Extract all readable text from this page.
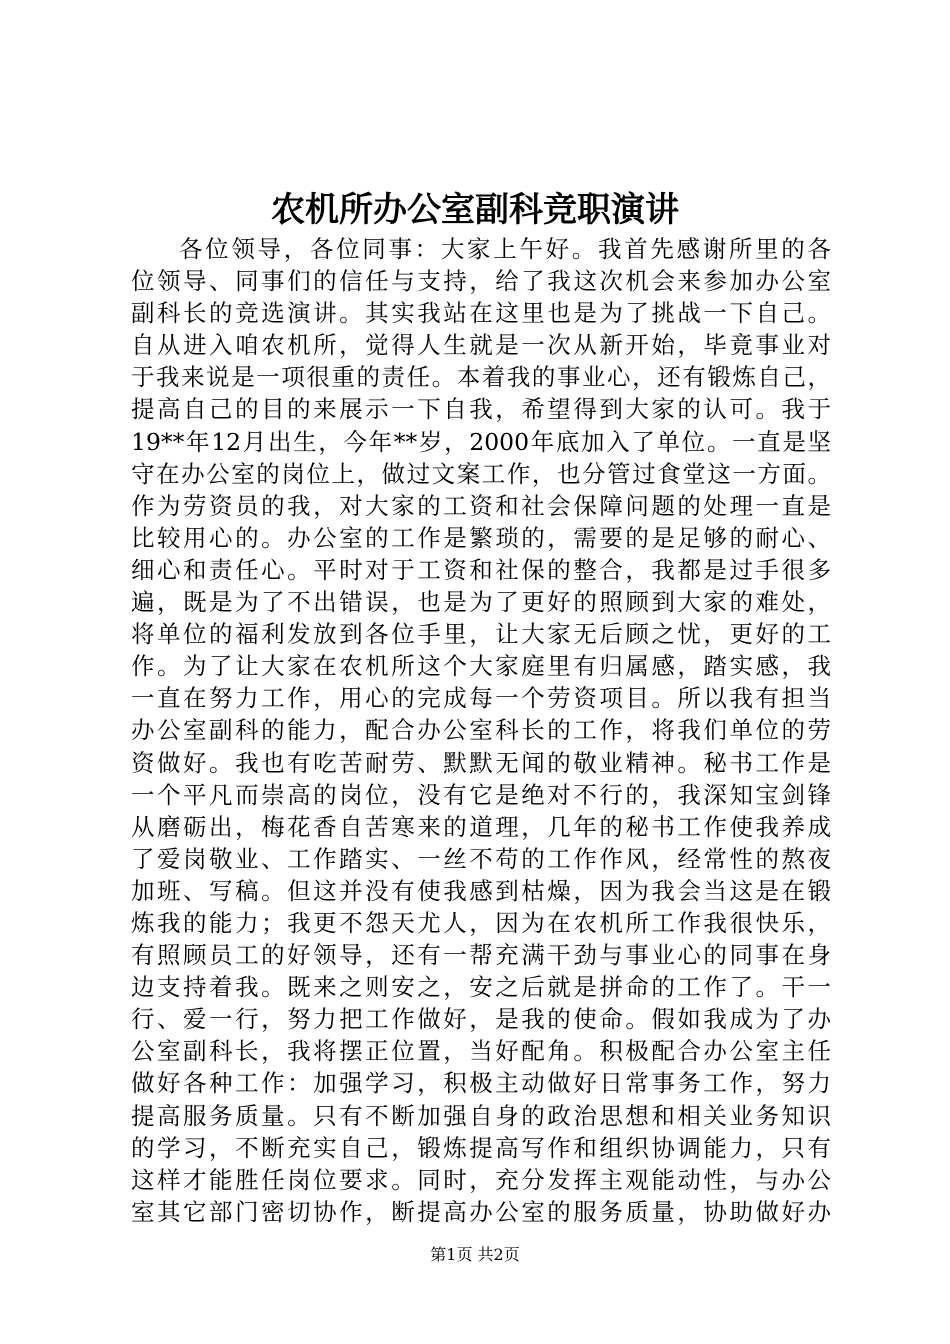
农机所办公室副科竞职演讲
各位领导，各位同事：大家上午好。我首先感谢所里的各
位领导、同事们的信任与支持，给了我这次机会来参加办公室
副科长的竞选演讲。其实我站在这里也是为了挑战一下自己。
自从进入咱农机所，觉得人生就是一次从新开始，毕竟事业对
于我来说是一项很重的责任。本着我的事业心，还有锻炼自己，
提高自己的目的来展示一下自我，希望得到大家的认可。我于
19**年12月出生，今年**岁，2000年底加入了单位。一直是坚
守在办公室的岗位上，做过文案工作，也分管过食堂这一方面。
作为劳资员的我，对大家的工资和社会保障问题的处理一直是
比较用心的。办公室的工作是繁琐的，需要的是足够的耐心、
细心和责任心。平时对于工资和社保的整合，我都是过手很多
遍，既是为了不出错误，也是为了更好的照顾到大家的难处，
将单位的福利发放到各位手里，让大家无后顾之忧，更好的工
作。为了让大家在农机所这个大家庭里有归属感，踏实感，我
一直在努力工作，用心的完成每一个劳资项目。所以我有担当
办公室副科的能力，配合办公室科长的工作，将我们单位的劳
资做好。我也有吃苦耐劳、默默无闻的敬业精神。秘书工作是
一个平凡而崇高的岗位，没有它是绝对不行的，我深知宝剑锋
从磨砺出，梅花香自苦寒来的道理，几年的秘书工作使我养成
了爱岗敬业、工作踏实、一丝不苟的工作作风，经常性的熬夜
加班、写稿。但这并没有使我感到枯燥，因为我会当这是在锻
炼我的能力；我更不怨天尤人，因为在农机所工作我很快乐，
有照顾员工的好领导，还有一帮充满干劲与事业心的同事在身
边支持着我。既来之则安之，安之后就是拼命的工作了。干一
行、爱一行，努力把工作做好，是我的使命。假如我成为了办
公室副科长，我将摆正位置，当好配角。积极配合办公室主任
做好各种工作：加强学习，积极主动做好日常事务工作，努力
提高服务质量。只有不断加强自身的政治思想和相关业务知识
的学习，不断充实自己，锻炼提高写作和组织协调能力，只有
这样才能胜任岗位要求。同时，充分发挥主观能动性，与办公
室其它部门密切协作，断提高办公室的服务质量，协助做好办
第1页 共2页
